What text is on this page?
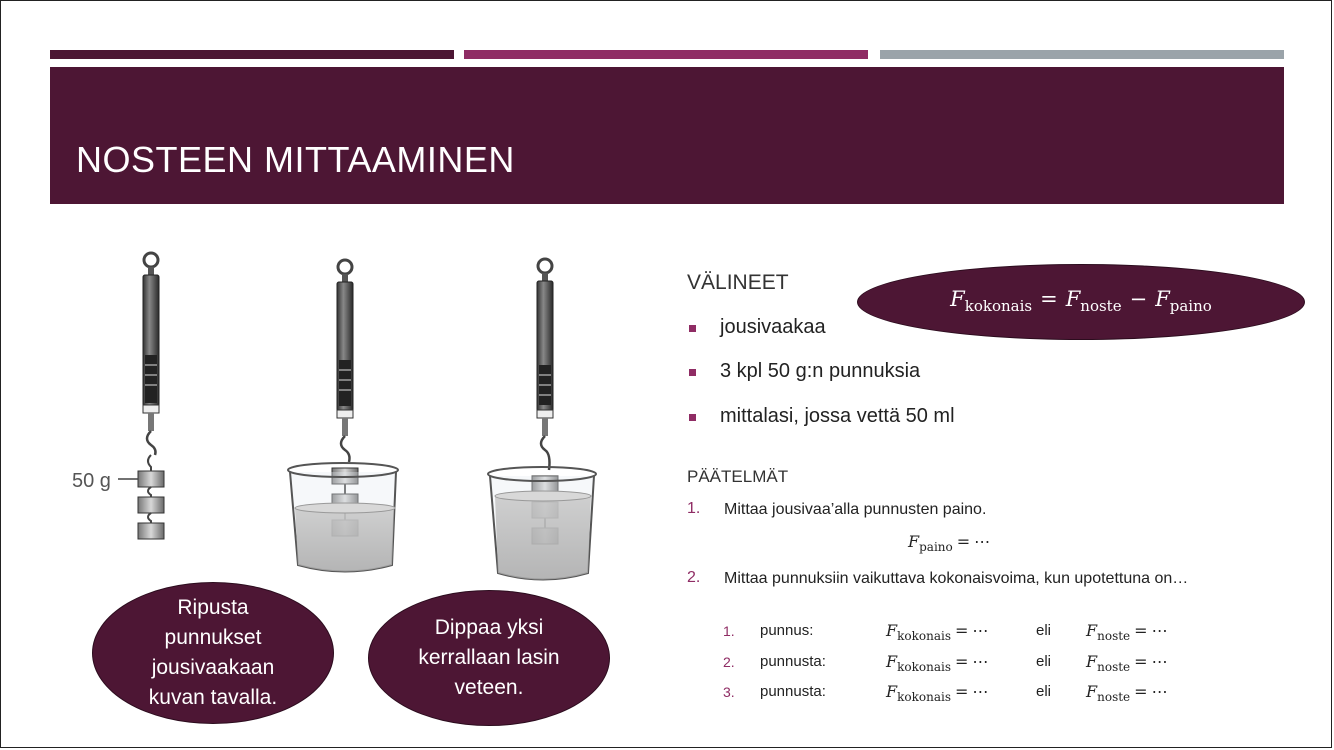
NOSTEEN MITTAAMINEN
50 g
Ripusta
punnukset
jousivaakaan
kuvan tavalla.
Dippaa yksi
kerrallaan lasin
veteen.
$F_{kokonais} = F_{noste} - F_{paino}$
VÄLINEET
jousivaakaa
3 kpl 50 g:n punnuksia
mittalasi, jossa vettä 50 ml
PÄÄTELMÄT
1. Mittaa jousivaa’alla punnusten paino.
$F_{paino}$ = ⋯
2. Mittaa punnuksiin vaikuttava kokonaisvoima, kun upotettuna on…
1. punnus:	$F_{kokonais}$ = ⋯	eli $F_{noste}$ = ⋯
2. punnusta:	$F_{kokonais}$ = ⋯	eli $F_{noste}$ = ⋯
3. punnusta:	$F_{kokonais}$ = ⋯	eli $F_{noste}$ = ⋯
